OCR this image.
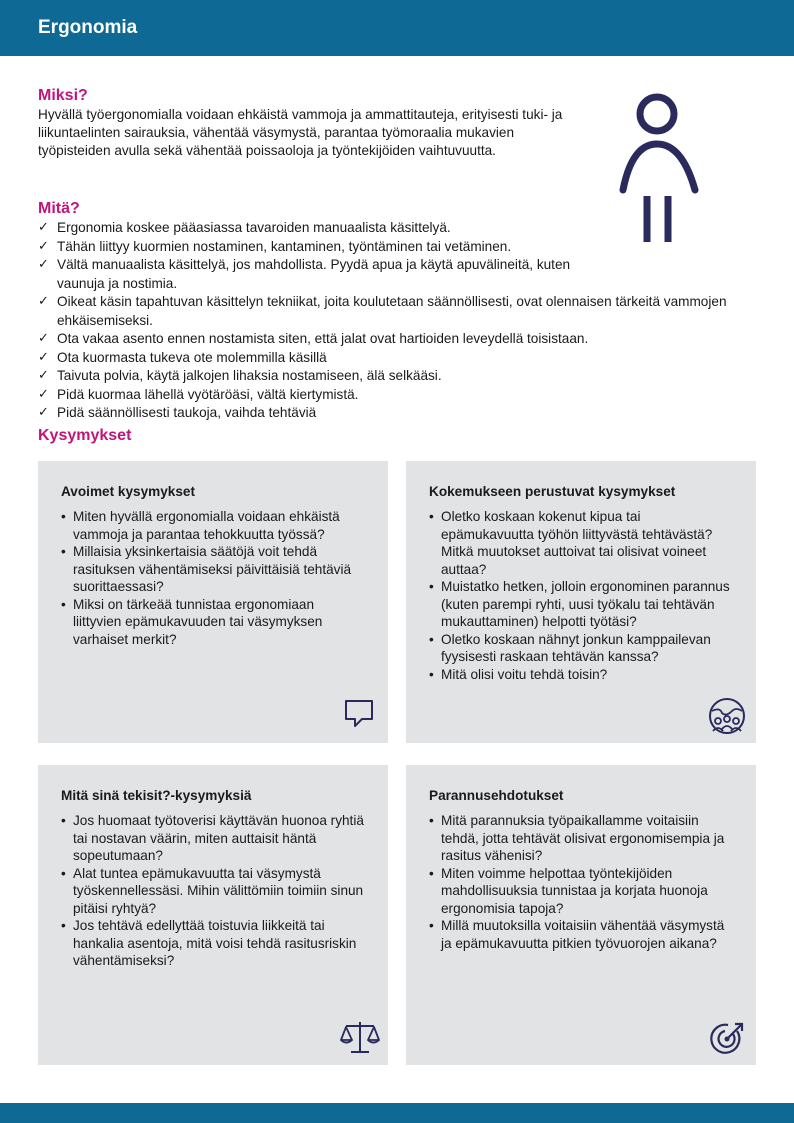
Ergonomia
Miksi?

Hyvällä työergonomialla voidaan ehkäistä vammoja ja ammattitauteja, erityisesti tuki- ja liikuntaelinten sairauksia, vähentää väsymystä, parantaa työmoraalia mukavien työpisteiden avulla sekä vähentää poissaoloja ja työntekijöiden vaihtuvuutta.

Mitä?
✓ Ergonomia koskee pääasiassa tavaroiden manuaalista käsittelyä.
✓ Tähän liittyy kuormien nostaminen, kantaminen, työntäminen tai vetäminen.
✓ Vältä manuaalista käsittelyä, jos mahdollista. Pyydä apua ja käytä apuvälineitä, kuten vaunuja ja nostimia.
✓ Oikeat käsin tapahtuvan käsittelyn tekniikat, joita koulutetaan säännöllisesti, ovat olennaisen tärkeitä vammojen ehkäisemiseksi.
✓ Ota vakaa asento ennen nostamista siten, että jalat ovat hartioiden leveydellä toisistaan.
✓ Ota kuormasta tukeva ote molemmilla käsillä
✓ Taivuta polvia, käytä jalkojen lihaksia nostamiseen, älä selkääsi.
✓ Pidä kuormaa lähellä vyötäröäsi, vältä kiertymistä.
✓ Pidä säännöllisesti taukoja, vaihda tehtäviä
Kysymykset
Avoimet kysymykset
• Miten hyvällä ergonomialla voidaan ehkäistä vammoja ja parantaa tehokkuutta työssä?
• Millaisia yksinkertaisia säätöjä voit tehdä rasituksen vähentämiseksi päivittäisiä tehtäviä suorittaessasi?
• Miksi on tärkeää tunnistaa ergonomiaan liittyvien epämukavuuden tai väsymyksen varhaiset merkit?
Kokemukseen perustuvat kysymykset
• Oletko koskaan kokenut kipua tai epämukavuutta työhön liittyvästä tehtävästä? Mitkä muutokset auttoivat tai olisivat voineet auttaa?
• Muistatko hetken, jolloin ergonominen parannus (kuten parempi ryhti, uusi työkalu tai tehtävän mukauttaminen) helpotti työtäsi?
• Oletko koskaan nähnyt jonkun kamppailevan fyysisesti raskaan tehtävän kanssa?
• Mitä olisi voitu tehdä toisin?
Mitä sinä tekisit?-kysymyksiä
• Jos huomaat työtoverisi käyttävän huonoa ryhtiä tai nostavan väärin, miten auttaisit häntä sopeutumaan?
• Alat tuntea epämukavuutta tai väsymystä työskennellessäsi. Mihin välittömiin toimiin sinun pitäisi ryhtyä?
• Jos tehtävä edellyttää toistuvia liikkeitä tai hankalia asentoja, mitä voisi tehdä rasitusriskin vähentämiseksi?
Parannusehdotukset
• Mitä parannuksia työpaikallamme voitaisiin tehdä, jotta tehtävät olisivat ergonomisempia ja rasitus vähenisi?
• Miten voimme helpottaa työntekijöiden mahdollisuuksia tunnistaa ja korjata huonoja ergonomisia tapoja?
• Millä muutoksilla voitaisiin vähentää väsymystä ja epämukavuutta pitkien työvuorojen aikana?
